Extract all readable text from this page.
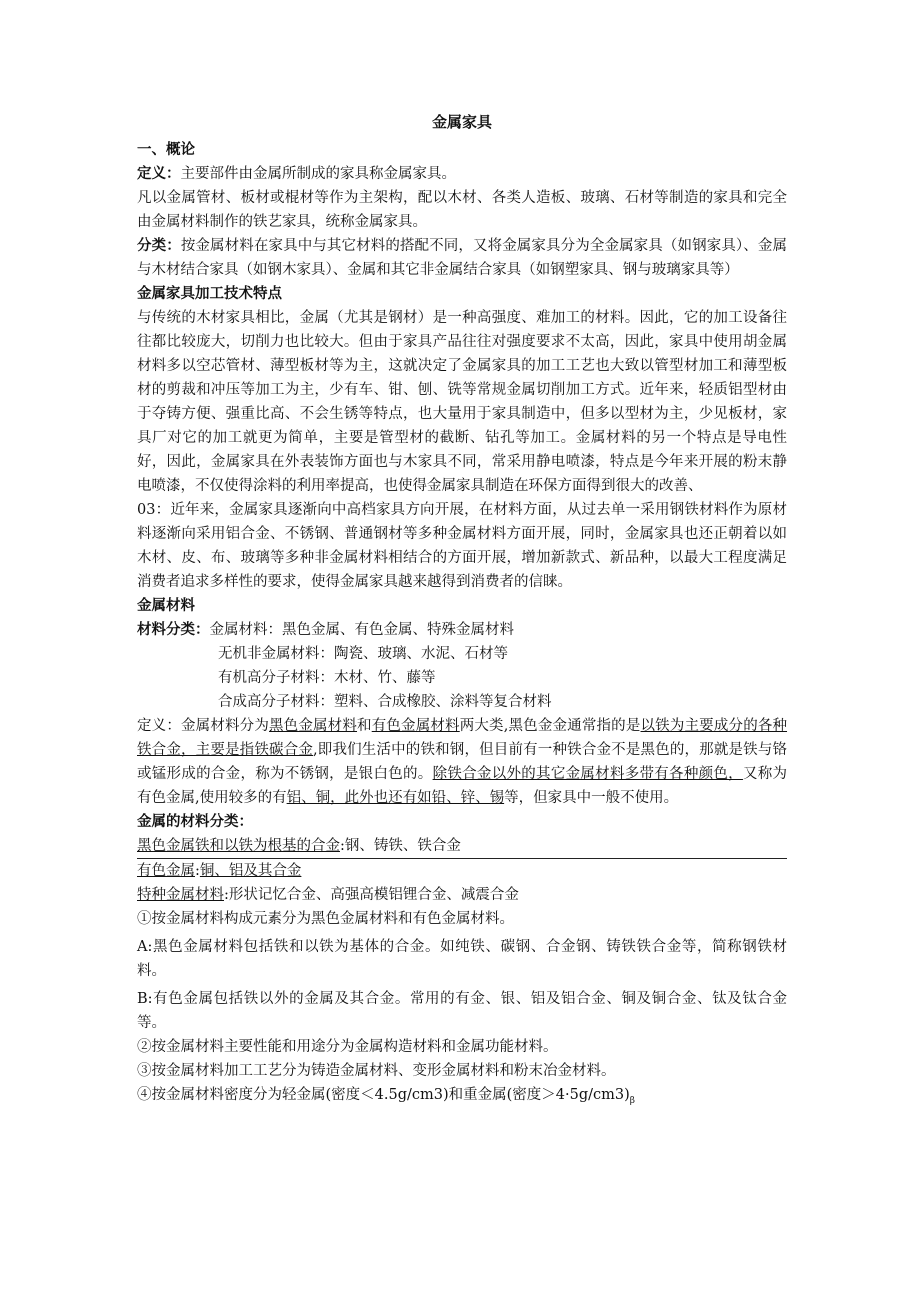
金属家具
一、概论

定义：主要部件由金属所制成的家具称金属家具。

凡以金属管材、板材或棍材等作为主架构，配以木材、各类人造板、玻璃、石材等制造的家具和完全由金属材料制作的铁艺家具，统称金属家具。

分类：按金属材料在家具中与其它材料的搭配不同，又将金属家具分为全金属家具（如钢家具）、金属与木材结合家具（如钢木家具）、金属和其它非金属结合家具（如钢塑家具、钢与玻璃家具等）

金属家具加工技术特点

与传统的木材家具相比，金属（尤其是钢材）是一种高强度、难加工的材料。因此，它的加工设备往往都比较庞大，切削力也比较大。但由于家具产品往往对强度要求不太高，因此，家具中使用胡金属材料多以空芯管材、薄型板材等为主，这就决定了金属家具的加工工艺也大致以管型材加工和薄型板材的剪裁和冲压等加工为主，少有车、钳、刨、铣等常规金属切削加工方式。近年来，轻质铝型材由于夺铸方便、强重比高、不会生锈等特点，也大量用于家具制造中，但多以型材为主，少见板材，家具厂对它的加工就更为简单，主要是管型材的截断、钻孔等加工。金属材料的另一个特点是导电性好，因此，金属家具在外表装饰方面也与木家具不同，常采用静电喷漆，特点是今年来开展的粉末静电喷漆，不仅使得涂料的利用率提高，也使得金属家具制造在环保方面得到很大的改善、

03：近年来，金属家具逐渐向中高档家具方向开展，在材料方面，从过去单一采用钢铁材料作为原材料逐渐向采用铝合金、不锈钢、普通钢材等多种金属材料方面开展，同时，金属家具也还正朝着以如木材、皮、布、玻璃等多种非金属材料相结合的方面开展，增加新款式、新品种，以最大工程度满足消费者追求多样性的要求，使得金属家具越来越得到消费者的信睐。

金属材料

材料分类：金属材料：黑色金属、有色金属、特殊金属材料

无机非金属材料：陶瓷、玻璃、水泥、石材等

有机高分子材料：木材、竹、藤等

合成高分子材料：塑料、合成橡胶、涂料等复合材料

定义：金属材料分为黑色金属材料和有色金属材料两大类,黑色金金通常指的是以铁为主要成分的各种铁合金，主要是指铁碳合金,即我们生活中的铁和钢，但目前有一种铁合金不是黑色的，那就是铁与铬或锰形成的合金，称为不锈钢，是银白色的。除铁合金以外的其它金属材料多带有各种颜色，又称为有色金属,使用较多的有铝、铜，此外也还有如铅、锌、锡等，但家具中一般不使用。

金属的材料分类：

黑色金属铁和以铁为根基的合金:钢、铸铁、铁合金

有色金属:铜、铝及其合金

特种金属材料:形状记忆合金、高强高模铝锂合金、减震合金

①按金属材料构成元素分为黑色金属材料和有色金属材料。

A:黑色金属材料包括铁和以铁为基体的合金。如纯铁、碳钢、合金钢、铸铁铁合金等，简称钢铁材料。

B:有色金属包括铁以外的金属及其合金。常用的有金、银、铝及铝合金、铜及铜合金、钛及钛合金等。

②按金属材料主要性能和用途分为金属构造材料和金属功能材料。

③按金属材料加工工艺分为铸造金属材料、变形金属材料和粉末冶金材料。

④按金属材料密度分为轻金属(密度＜4.5g/cm3)和重金属(密度$>4\cdot 5g/cm3)_\beta$
